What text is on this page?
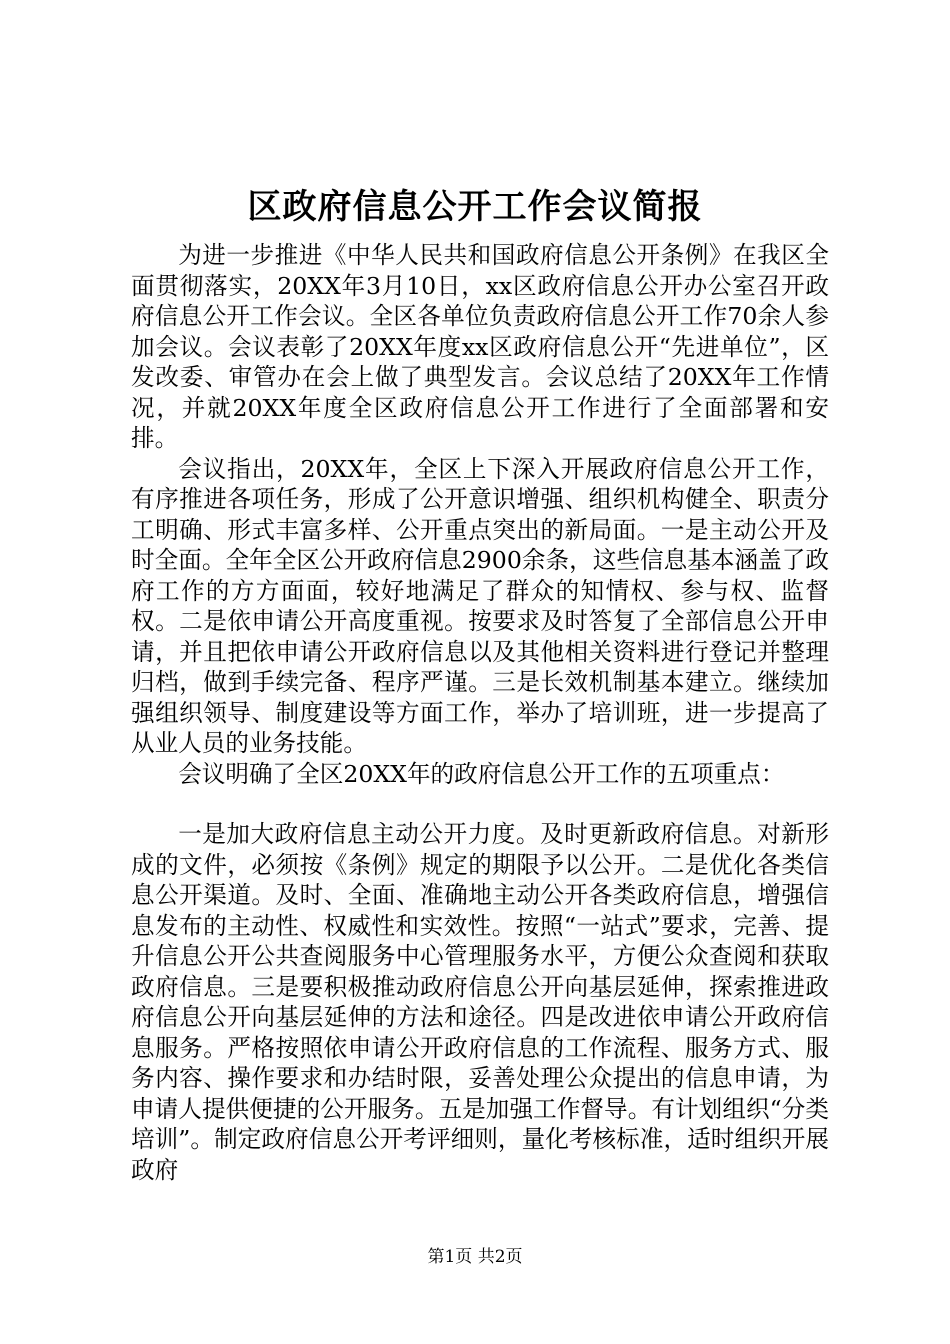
区政府信息公开工作会议简报

为进一步推进《中华人民共和国政府信息公开条例》在我区全面贯彻落实，20XX年3月10日，xx区政府信息公开办公室召开政府信息公开工作会议。全区各单位负责政府信息公开工作70余人参加会议。会议表彰了20XX年度xx区政府信息公开“先进单位”，区发改委、审管办在会上做了典型发言。会议总结了20XX年工作情况，并就20XX年度全区政府信息公开工作进行了全面部署和安排。

会议指出，20XX年，全区上下深入开展政府信息公开工作，有序推进各项任务，形成了公开意识增强、组织机构健全、职责分工明确、形式丰富多样、公开重点突出的新局面。一是主动公开及时全面。全年全区公开政府信息2900余条，这些信息基本涵盖了政府工作的方方面面，较好地满足了群众的知情权、参与权、监督权。二是依申请公开高度重视。按要求及时答复了全部信息公开申请，并且把依申请公开政府信息以及其他相关资料进行登记并整理归档，做到手续完备、程序严谨。三是长效机制基本建立。继续加强组织领导、制度建设等方面工作，举办了培训班，进一步提高了从业人员的业务技能。

会议明确了全区20XX年的政府信息公开工作的五项重点：

一是加大政府信息主动公开力度。及时更新政府信息。对新形成的文件，必须按《条例》规定的期限予以公开。二是优化各类信息公开渠道。及时、全面、准确地主动公开各类政府信息，增强信息发布的主动性、权威性和实效性。按照“一站式”要求，完善、提升信息公开公共查阅服务中心管理服务水平，方便公众查阅和获取政府信息。三是要积极推动政府信息公开向基层延伸，探索推进政府信息公开向基层延伸的方法和途径。四是改进依申请公开政府信息服务。严格按照依申请公开政府信息的工作流程、服务方式、服务内容、操作要求和办结时限，妥善处理公众提出的信息申请，为申请人提供便捷的公开服务。五是加强工作督导。有计划组织“分类培训”。制定政府信息公开考评细则，量化考核标准，适时组织开展政府

第1页 共2页
